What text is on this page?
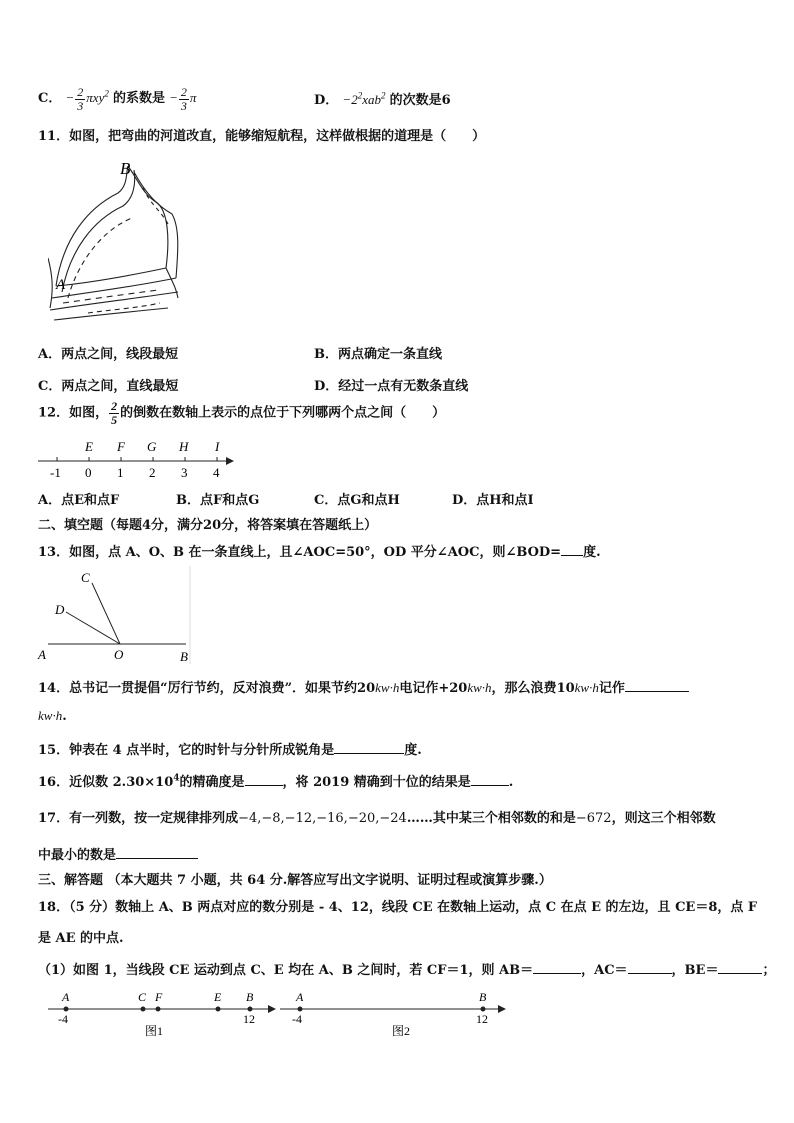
C． − $\frac{2}{3} \pi xy^2$ 的系数是 − $\frac{2}{3}$ π	D． $-2^2xab^2$ 的次数是6
11．如图，把弯曲的河道改直，能够缩短航程，这样做根据的道理是（　　）
B
A
A．两点之间，线段最短	B．两点确定一条直线
C．两点之间，直线最短	D．经过一点有无数条直线
12．如图， $\frac{2}{5}$ 的倒数在数轴上表示的点位于下列哪两个点之间（　　）
E F G H I
-1 0 1 2 3 4
A．点E和点F	B．点F和点G	C．点G和点H	D．点H和点I
二、填空题（每题4分，满分20分，将答案填在答题纸上）
13．如图，点 A、O、B 在一条直线上，且∠AOC=50°，OD 平分∠AOC，则∠BOD= 度.
C
D
A	O	B
14．总书记一贯提倡“厉行节约，反对浪费”．如果节约20kw·h电记作+20kw·h，那么浪费10kw·h记作
kw·h.
15．钟表在 4 点半时，它的时针与分针所成锐角是	度.
16．近似数 $2.30\times 10^4$的精确度是	，将 2019 精确到十位的结果是	.
17．有一列数，按一定规律排列成−4,−8,−12,−16,−20,−24……其中某三个相邻数的和是−672，则这三个相邻数
中最小的数是
三、解答题 （本大题共 7 小题，共 64 分.解答应写出文字说明、证明过程或演算步骤.）
18．（5 分）数轴上 A、B 两点对应的数分别是 - 4、12，线段 CE 在数轴上运动，点 C 在点 E 的左边，且 CE＝8，点 F
是 AE 的中点.
（1）如图 1，当线段 CE 运动到点 C、E 均在 A、B 之间时，若 CF＝1，则 AB＝	，AC＝	，BE＝	；
A	C F	E B
-4	12
图1
A	B
-4	12
图2
